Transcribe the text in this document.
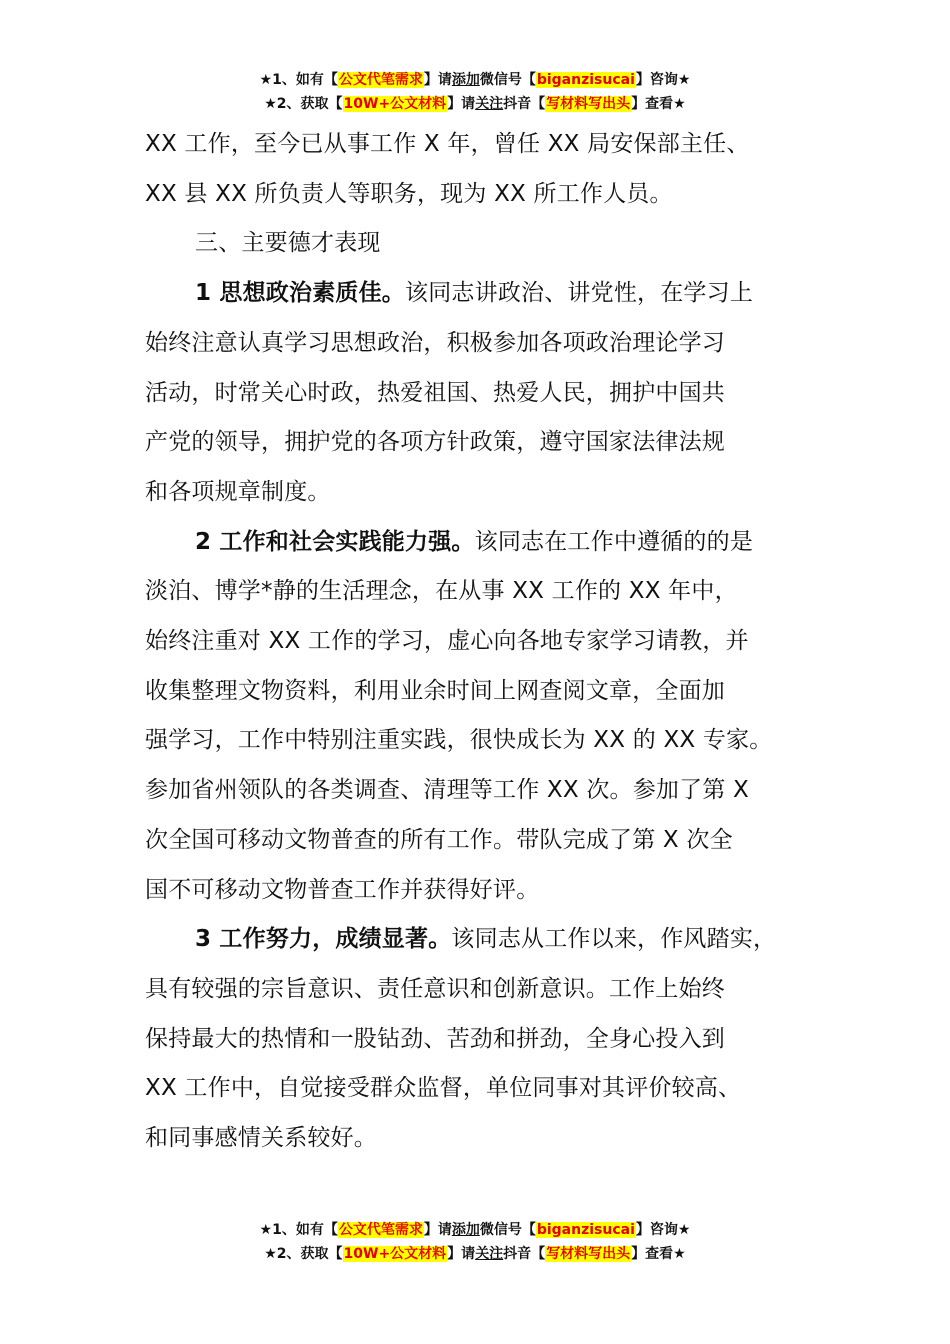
★1、如有【公文代笔需求】请添加微信号【biganzisucai】咨询★
★2、获取【10W+公文材料】请关注抖音【写材料写出头】查看★

XX 工作，至今已从事工作 X 年，曾任 XX 局安保部主任、
XX 县 XX 所负责人等职务，现为 XX 所工作人员。

三、主要德才表现

1 思想政治素质佳。该同志讲政治、讲党性，在学习上
始终注意认真学习思想政治，积极参加各项政治理论学习
活动，时常关心时政，热爱祖国、热爱人民，拥护中国共
产党的领导，拥护党的各项方针政策，遵守国家法律法规
和各项规章制度。

2 工作和社会实践能力强。该同志在工作中遵循的的是
淡泊、博学*静的生活理念，在从事 XX 工作的 XX 年中，
始终注重对 XX 工作的学习，虚心向各地专家学习请教，并
收集整理文物资料，利用业余时间上网查阅文章，全面加
强学习，工作中特别注重实践，很快成长为 XX 的 XX 专家。
参加省州领队的各类调查、清理等工作 XX 次。参加了第 X
次全国可移动文物普查的所有工作。带队完成了第 X 次全
国不可移动文物普查工作并获得好评。

3 工作努力，成绩显著。该同志从工作以来，作风踏实，
具有较强的宗旨意识、责任意识和创新意识。工作上始终
保持最大的热情和一股钻劲、苦劲和拼劲，全身心投入到
XX 工作中，自觉接受群众监督，单位同事对其评价较高、
和同事感情关系较好。

★1、如有【公文代笔需求】请添加微信号【biganzisucai】咨询★
★2、获取【10W+公文材料】请关注抖音【写材料写出头】查看★
